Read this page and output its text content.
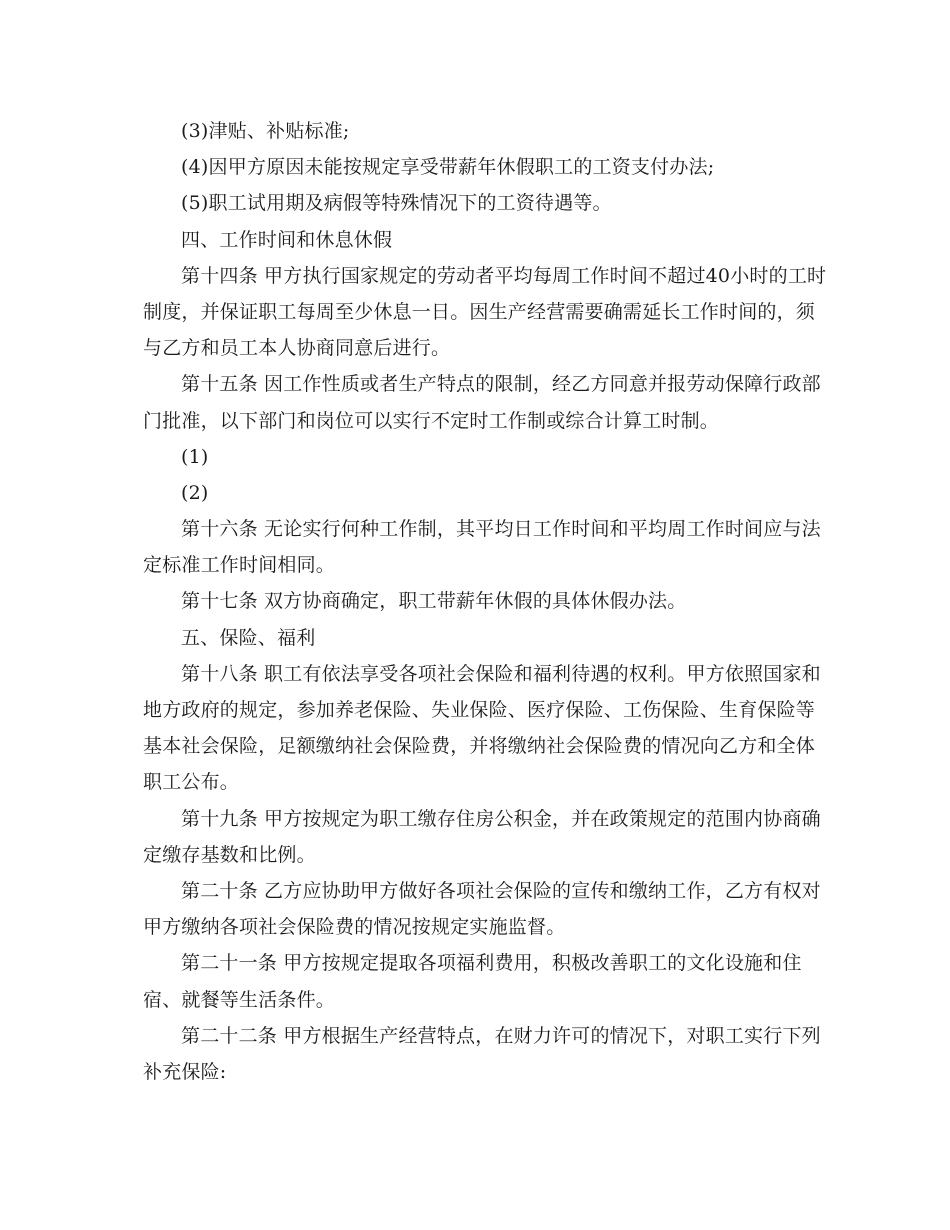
(3)津贴、补贴标准;
(4)因甲方原因未能按规定享受带薪年休假职工的工资支付办法;
(5)职工试用期及病假等特殊情况下的工资待遇等。
四、工作时间和休息休假
第十四条 甲方执行国家规定的劳动者平均每周工作时间不超过40小时的工时
制度，并保证职工每周至少休息一日。因生产经营需要确需延长工作时间的，须
与乙方和员工本人协商同意后进行。
第十五条 因工作性质或者生产特点的限制，经乙方同意并报劳动保障行政部
门批准，以下部门和岗位可以实行不定时工作制或综合计算工时制。
(1)
(2)
第十六条 无论实行何种工作制，其平均日工作时间和平均周工作时间应与法
定标准工作时间相同。
第十七条 双方协商确定，职工带薪年休假的具体休假办法。
五、保险、福利
第十八条 职工有依法享受各项社会保险和福利待遇的权利。甲方依照国家和
地方政府的规定，参加养老保险、失业保险、医疗保险、工伤保险、生育保险等
基本社会保险，足额缴纳社会保险费，并将缴纳社会保险费的情况向乙方和全体
职工公布。
第十九条 甲方按规定为职工缴存住房公积金，并在政策规定的范围内协商确
定缴存基数和比例。
第二十条 乙方应协助甲方做好各项社会保险的宣传和缴纳工作，乙方有权对
甲方缴纳各项社会保险费的情况按规定实施监督。
第二十一条 甲方按规定提取各项福利费用，积极改善职工的文化设施和住
宿、就餐等生活条件。
第二十二条 甲方根据生产经营特点，在财力许可的情况下，对职工实行下列
补充保险:
